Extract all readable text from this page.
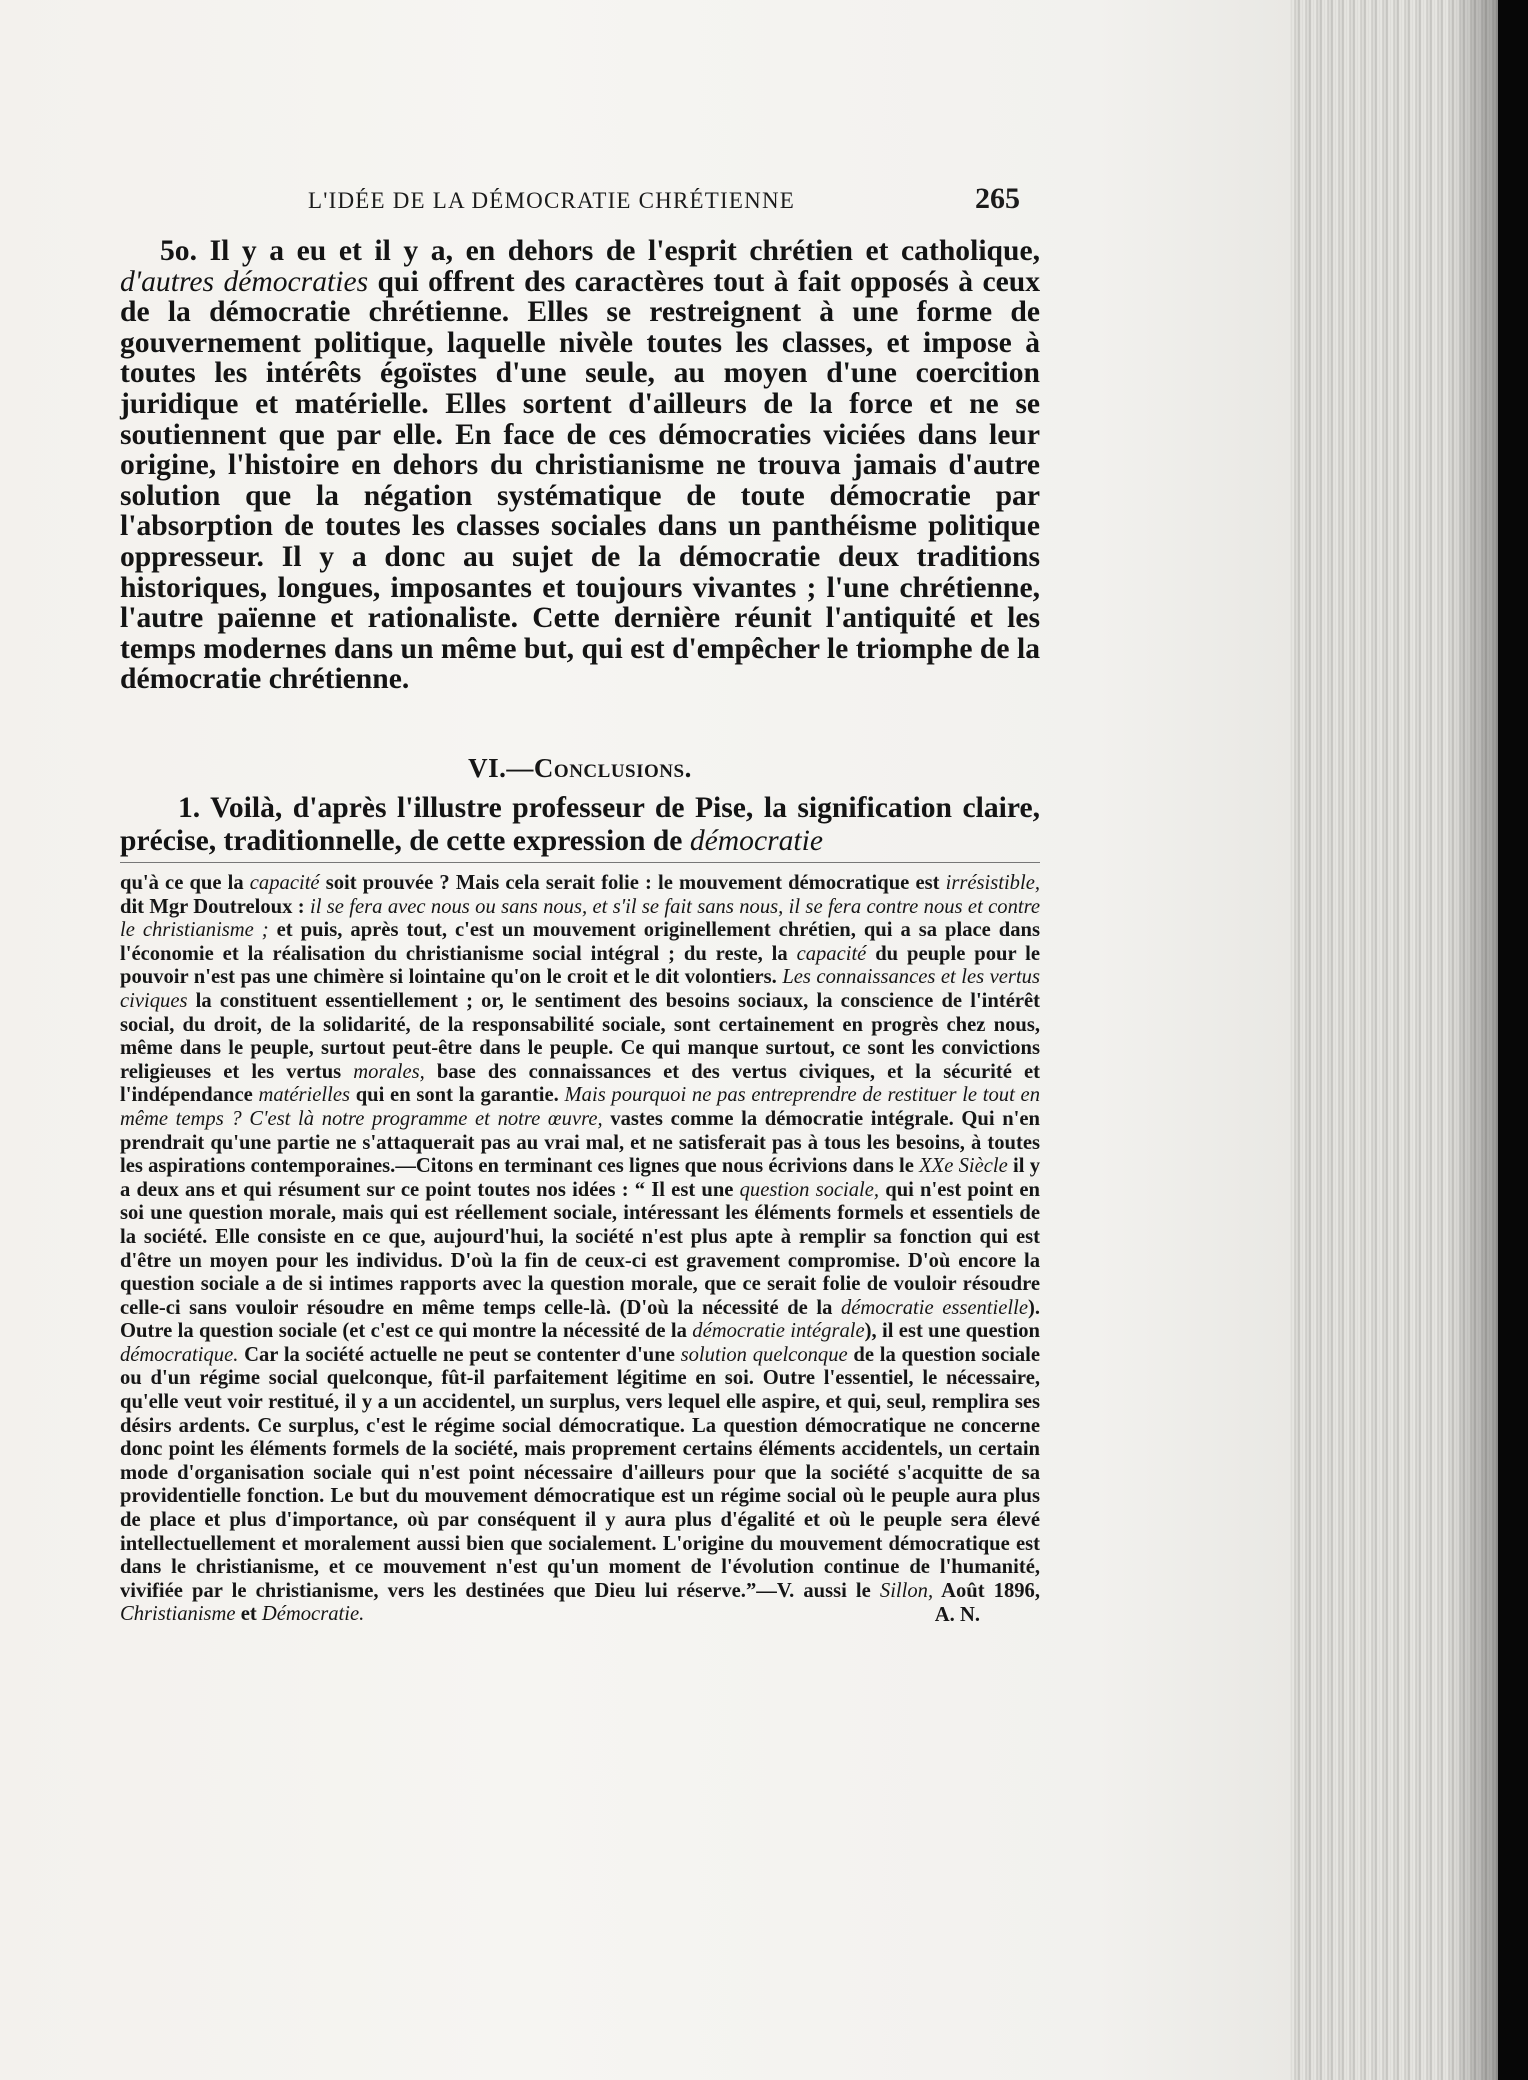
L'IDÉE DE LA DÉMOCRATIE CHRÉTIENNE	265

5o. Il y a eu et il y a, en dehors de l'esprit chrétien et catholique, d'autres démocraties qui offrent des caractères tout à fait opposés à ceux de la démocratie chrétienne. Elles se restreignent à une forme de gouvernement politique, laquelle nivèle toutes les classes, et impose à toutes les intérêts égoïstes d'une seule, au moyen d'une coercition juridique et matérielle. Elles sortent d'ailleurs de la force et ne se soutiennent que par elle. En face de ces démocraties viciées dans leur origine, l'histoire en dehors du christianisme ne trouva jamais d'autre solution que la négation systématique de toute démocratie par l'absorption de toutes les classes sociales dans un panthéisme politique oppresseur. Il y a donc au sujet de la démocratie deux traditions historiques, longues, imposantes et toujours vivantes ; l'une chrétienne, l'autre païenne et rationaliste. Cette dernière réunit l'antiquité et les temps modernes dans un même but, qui est d'empêcher le triomphe de la démocratie chrétienne.

VI.—Conclusions.

1. Voilà, d'après l'illustre professeur de Pise, la signification claire, précise, traditionnelle, de cette expression de démocratie

qu'à ce que la capacité soit prouvée ? Mais cela serait folie : le mouvement démocratique est irrésistible, dit Mgr Doutreloux : il se fera avec nous ou sans nous, et s'il se fait sans nous, il se fera contre nous et contre le christianisme ; et puis, après tout, c'est un mouvement originellement chrétien, qui a sa place dans l'économie et la réalisation du christianisme social intégral ; du reste, la capacité du peuple pour le pouvoir n'est pas une chimère si lointaine qu'on le croit et le dit volontiers. Les connaissances et les vertus civiques la constituent essentiellement ; or, le sentiment des besoins sociaux, la conscience de l'intérêt social, du droit, de la solidarité, de la responsabilité sociale, sont certainement en progrès chez nous, même dans le peuple, surtout peut-être dans le peuple. Ce qui manque surtout, ce sont les convictions religieuses et les vertus morales, base des connaissances et des vertus civiques, et la sécurité et l'indépendance matérielles qui en sont la garantie. Mais pourquoi ne pas entreprendre de restituer le tout en même temps ? C'est là notre programme et notre œuvre, vastes comme la démocratie intégrale. Qui n'en prendrait qu'une partie ne s'attaquerait pas au vrai mal, et ne satisferait pas à tous les besoins, à toutes les aspirations contemporaines.—Citons en terminant ces lignes que nous écrivions dans le XXe Siècle il y a deux ans et qui résument sur ce point toutes nos idées : “ Il est une question sociale, qui n'est point en soi une question morale, mais qui est réellement sociale, intéressant les éléments formels et essentiels de la société. Elle consiste en ce que, aujourd'hui, la société n'est plus apte à remplir sa fonction qui est d'être un moyen pour les individus. D'où la fin de ceux-ci est gravement compromise. D'où encore la question sociale a de si intimes rapports avec la question morale, que ce serait folie de vouloir résoudre celle-ci sans vouloir résoudre en même temps celle-là. (D'où la nécessité de la démocratie essentielle). Outre la question sociale (et c'est ce qui montre la nécessité de la démocratie intégrale), il est une question démocratique. Car la société actuelle ne peut se contenter d'une solution quelconque de la question sociale ou d'un régime social quelconque, fût-il parfaitement légitime en soi. Outre l'essentiel, le nécessaire, qu'elle veut voir restitué, il y a un accidentel, un surplus, vers lequel elle aspire, et qui, seul, remplira ses désirs ardents. Ce surplus, c'est le régime social démocratique. La question démocratique ne concerne donc point les éléments formels de la société, mais proprement certains éléments accidentels, un certain mode d'organisation sociale qui n'est point nécessaire d'ailleurs pour que la société s'acquitte de sa providentielle fonction. Le but du mouvement démocratique est un régime social où le peuple aura plus de place et plus d'importance, où par conséquent il y aura plus d'égalité et où le peuple sera élevé intellectuellement et moralement aussi bien que socialement. L'origine du mouvement démocratique est dans le christianisme, et ce mouvement n'est qu'un moment de l'évolution continue de l'humanité, vivifiée par le christianisme, vers les destinées que Dieu lui réserve.”—V. aussi le Sillon, Août 1896, Christianisme et Démocratie.	A. N.
